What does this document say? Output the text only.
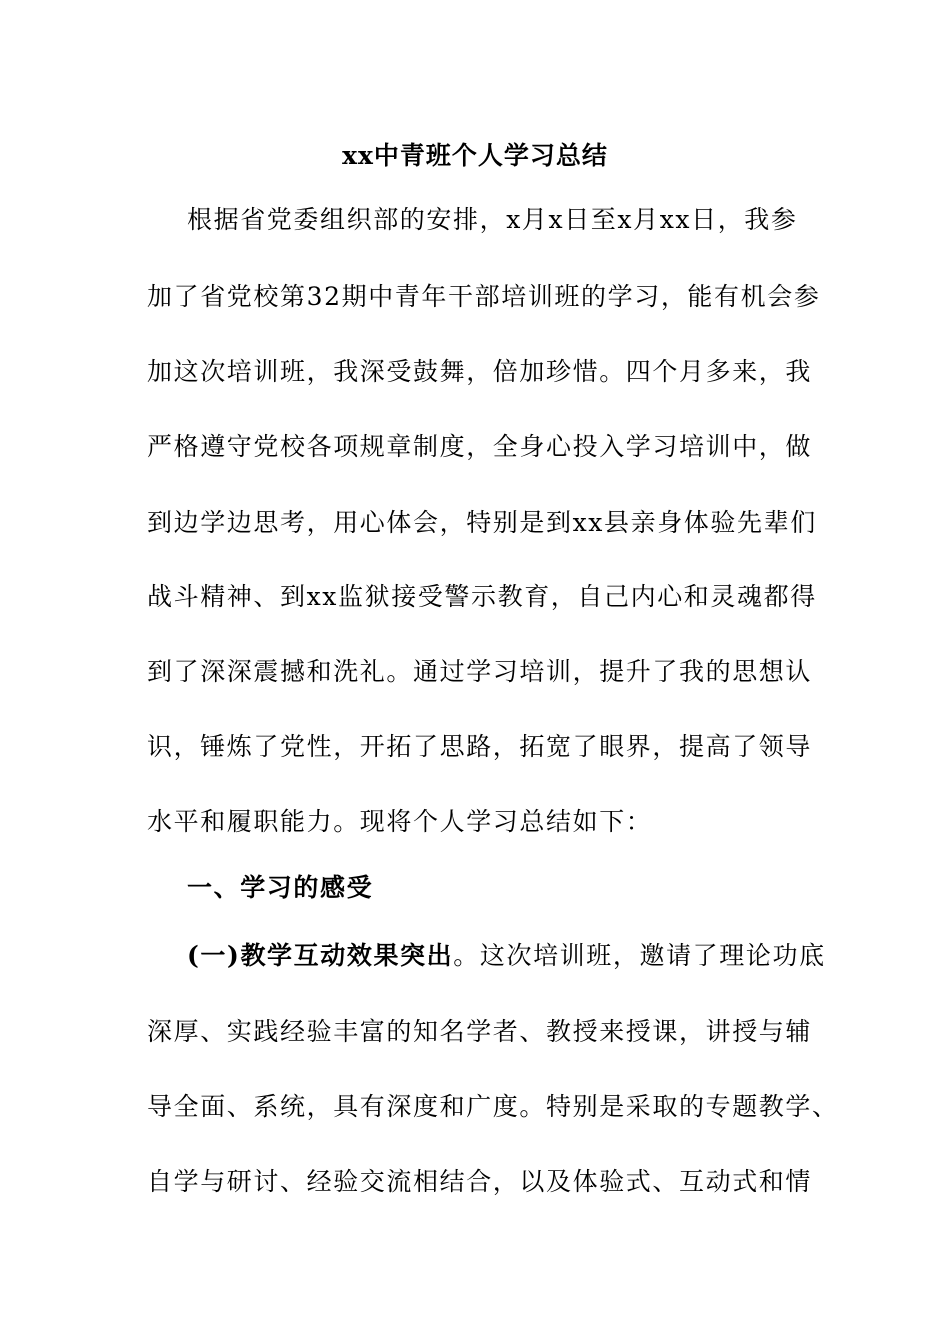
xx中青班个人学习总结
根据省党委组织部的安排，x月x日至x月xx日，我参
加了省党校第32期中青年干部培训班的学习，能有机会参
加这次培训班，我深受鼓舞，倍加珍惜。四个月多来，我
严格遵守党校各项规章制度，全身心投入学习培训中，做
到边学边思考，用心体会，特别是到xx县亲身体验先辈们
战斗精神、到xx监狱接受警示教育，自己内心和灵魂都得
到了深深震撼和洗礼。通过学习培训，提升了我的思想认
识，锤炼了党性，开拓了思路，拓宽了眼界，提高了领导
水平和履职能力。现将个人学习总结如下：
一、学习的感受
(一)教学互动效果突出。这次培训班，邀请了理论功底
深厚、实践经验丰富的知名学者、教授来授课，讲授与辅
导全面、系统，具有深度和广度。特别是采取的专题教学、
自学与研讨、经验交流相结合，以及体验式、互动式和情
